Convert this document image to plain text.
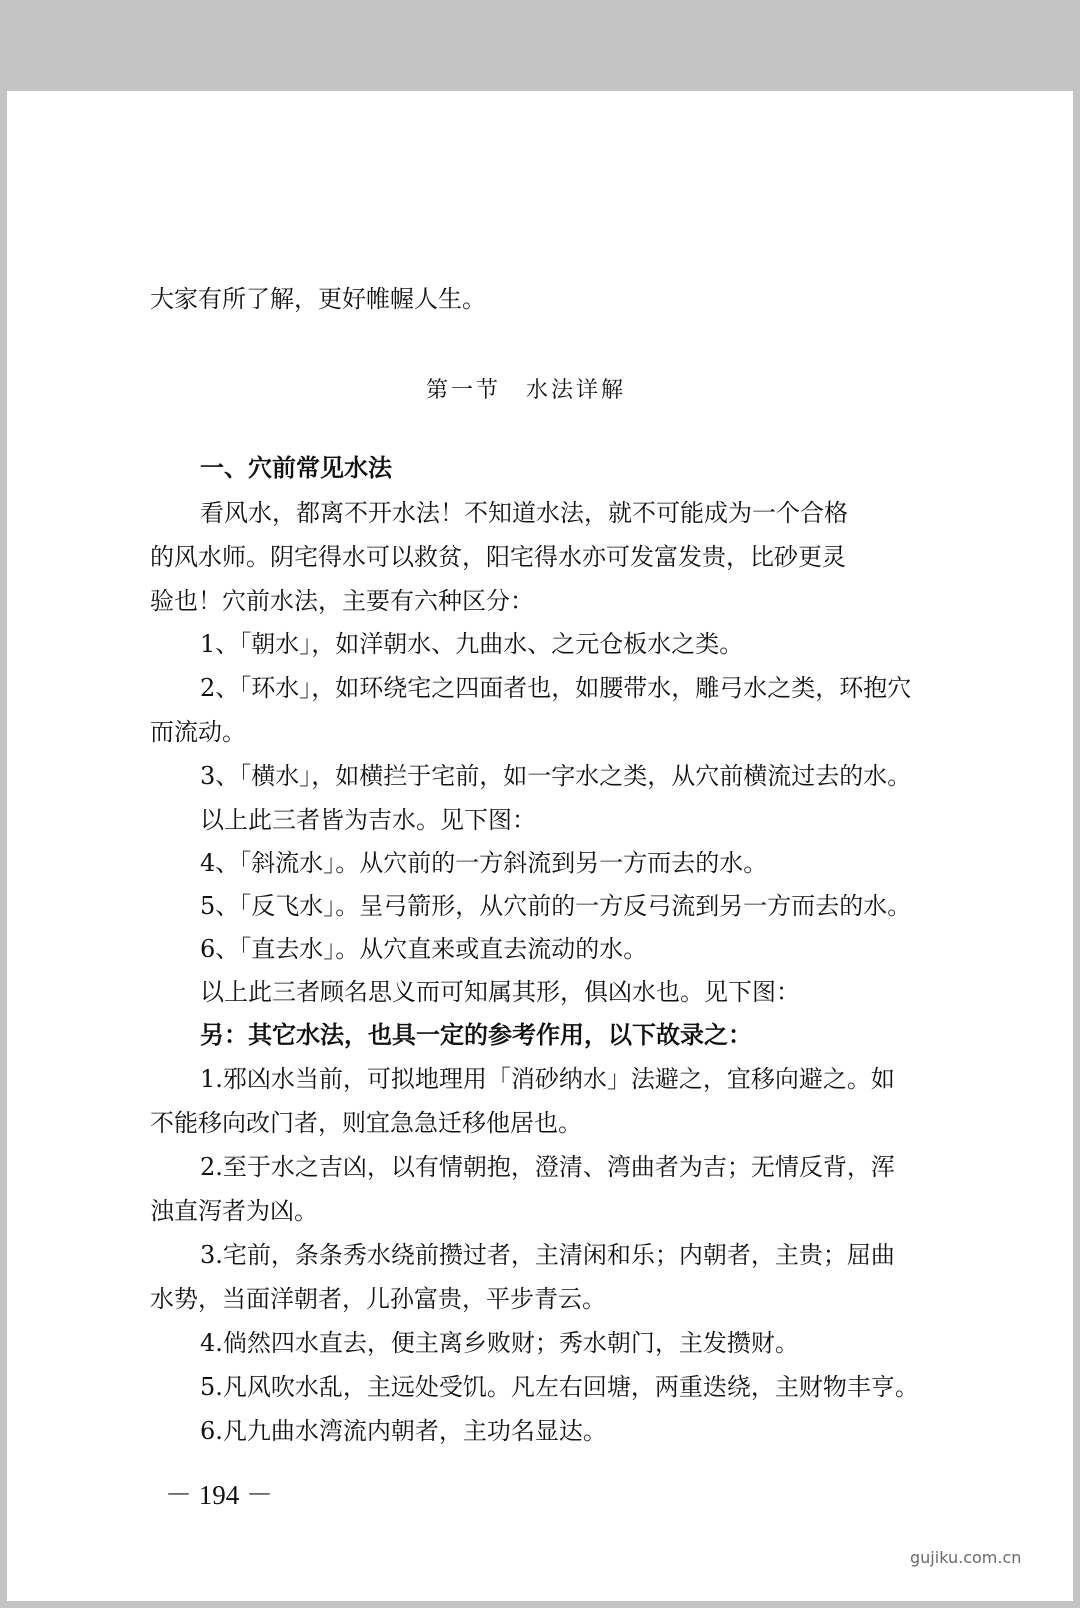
大家有所了解，更好帷幄人生。
第一节　水法详解
一、穴前常见水法
看风水，都离不开水法！不知道水法，就不可能成为一个合格
的风水师。阴宅得水可以救贫，阳宅得水亦可发富发贵，比砂更灵
验也！穴前水法，主要有六种区分：
1、「朝水」，如洋朝水、九曲水、之元仓板水之类。
2、「环水」，如环绕宅之四面者也，如腰带水，雕弓水之类，环抱穴
而流动。
3、「横水」，如横拦于宅前，如一字水之类，从穴前横流过去的水。
以上此三者皆为吉水。见下图：
4、「斜流水」。从穴前的一方斜流到另一方而去的水。
5、「反飞水」。呈弓箭形，从穴前的一方反弓流到另一方而去的水。
6、「直去水」。从穴直来或直去流动的水。
以上此三者顾名思义而可知属其形，俱凶水也。见下图：
另：其它水法，也具一定的参考作用，以下故录之：
1.邪凶水当前，可拟地理用「消砂纳水」法避之，宜移向避之。如
不能移向改门者，则宜急急迁移他居也。
2.至于水之吉凶，以有情朝抱，澄清、湾曲者为吉；无情反背，浑
浊直泻者为凶。
3.宅前，条条秀水绕前攒过者，主清闲和乐；内朝者，主贵；屈曲
水势，当面洋朝者，儿孙富贵，平步青云。
4.倘然四水直去，便主离乡败财；秀水朝门，主发攒财。
5.凡风吹水乱，主远处受饥。凡左右回塘，两重迭绕，主财物丰亨。
6.凡九曲水湾流内朝者，主功名显达。
－ 194 －
gujiku.com.cn
